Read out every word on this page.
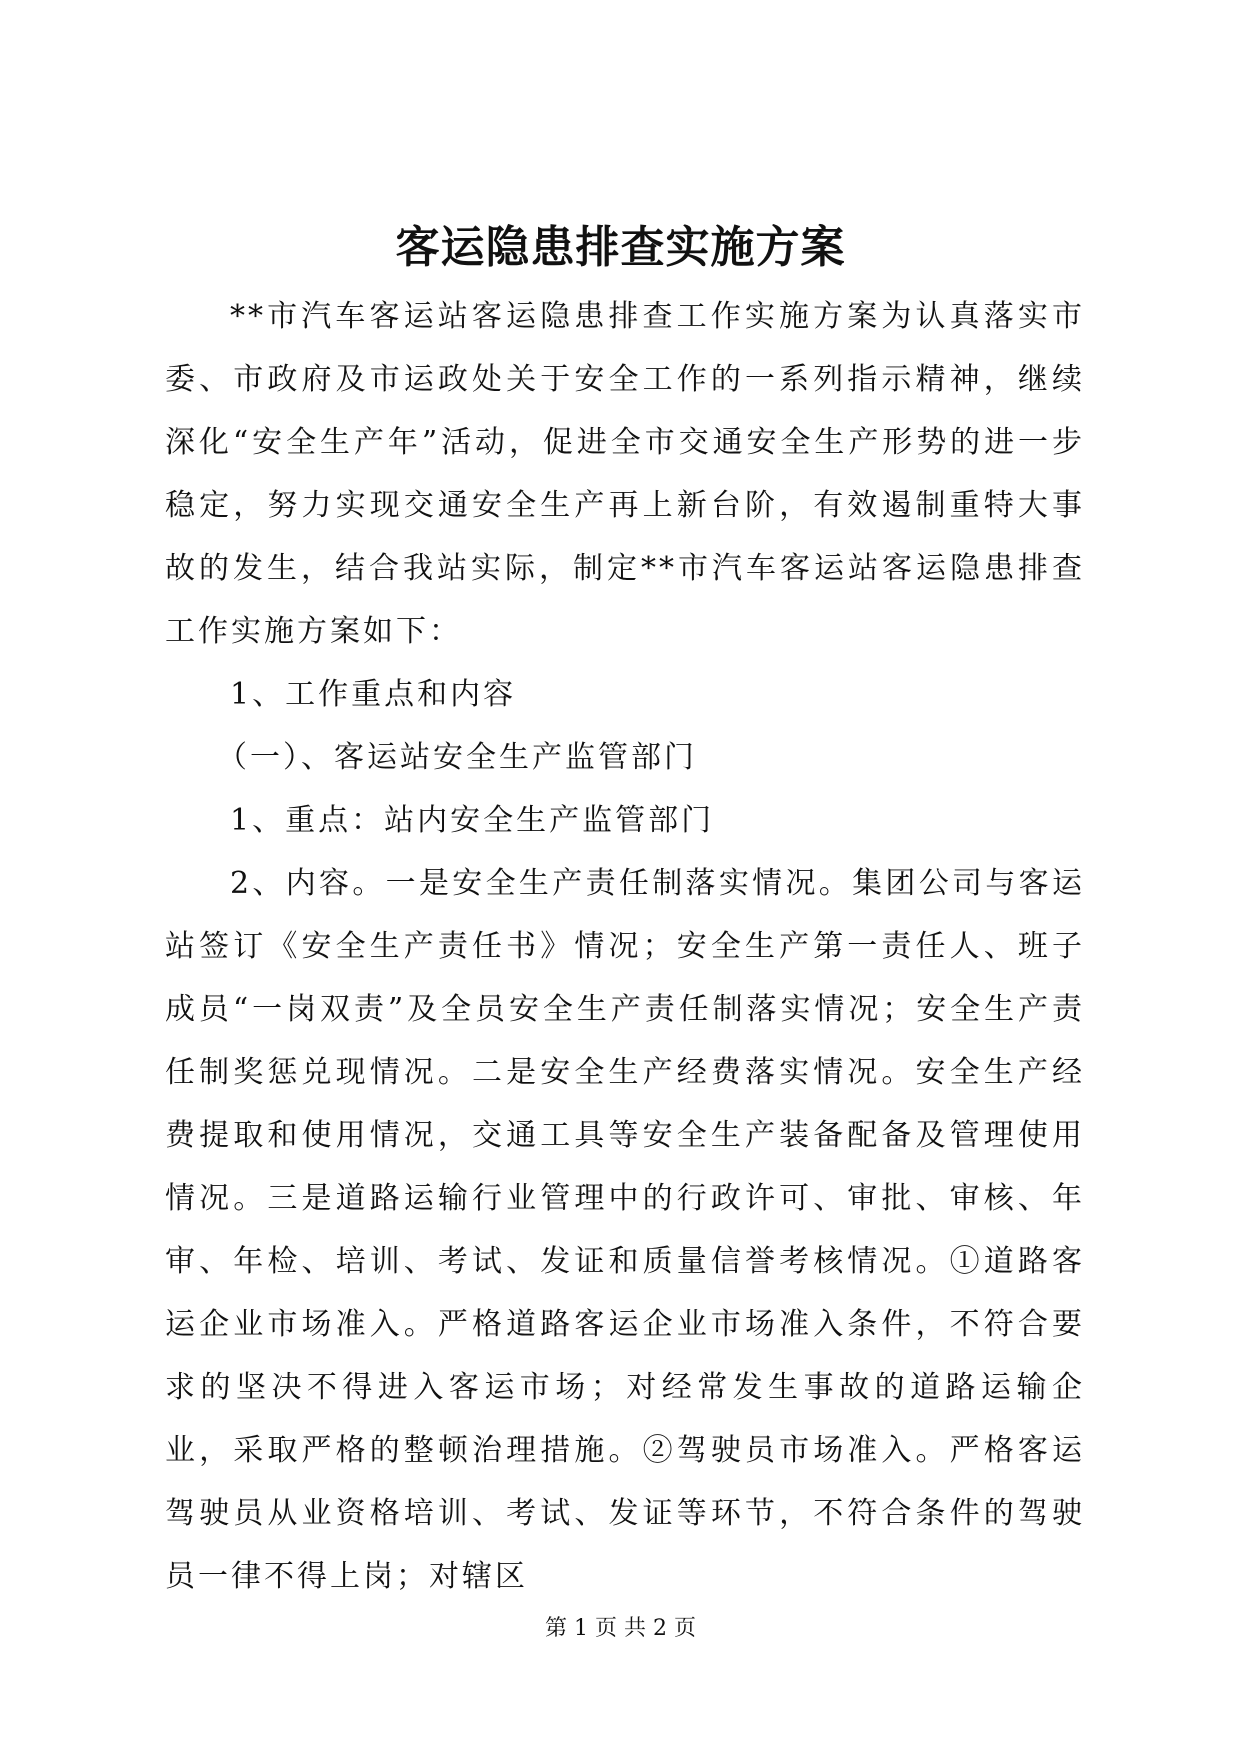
客运隐患排查实施方案

**市汽车客运站客运隐患排查工作实施方案为认真落实市委、市政府及市运政处关于安全工作的一系列指示精神，继续深化“安全生产年”活动，促进全市交通安全生产形势的进一步稳定，努力实现交通安全生产再上新台阶，有效遏制重特大事故的发生，结合我站实际，制定**市汽车客运站客运隐患排查工作实施方案如下：

1、工作重点和内容

（一）、客运站安全生产监管部门

1、重点：站内安全生产监管部门

2、内容。一是安全生产责任制落实情况。集团公司与客运站签订《安全生产责任书》情况；安全生产第一责任人、班子成员“一岗双责”及全员安全生产责任制落实情况；安全生产责任制奖惩兑现情况。二是安全生产经费落实情况。安全生产经费提取和使用情况，交通工具等安全生产装备配备及管理使用情况。三是道路运输行业管理中的行政许可、审批、审核、年审、年检、培训、考试、发证和质量信誉考核情况。①道路客运企业市场准入。严格道路客运企业市场准入条件，不符合要求的坚决不得进入客运市场；对经常发生事故的道路运输企业，采取严格的整顿治理措施。②驾驶员市场准入。严格客运驾驶员从业资格培训、考试、发证等环节，不符合条件的驾驶员一律不得上岗；对辖区

第 1 页 共 2 页
